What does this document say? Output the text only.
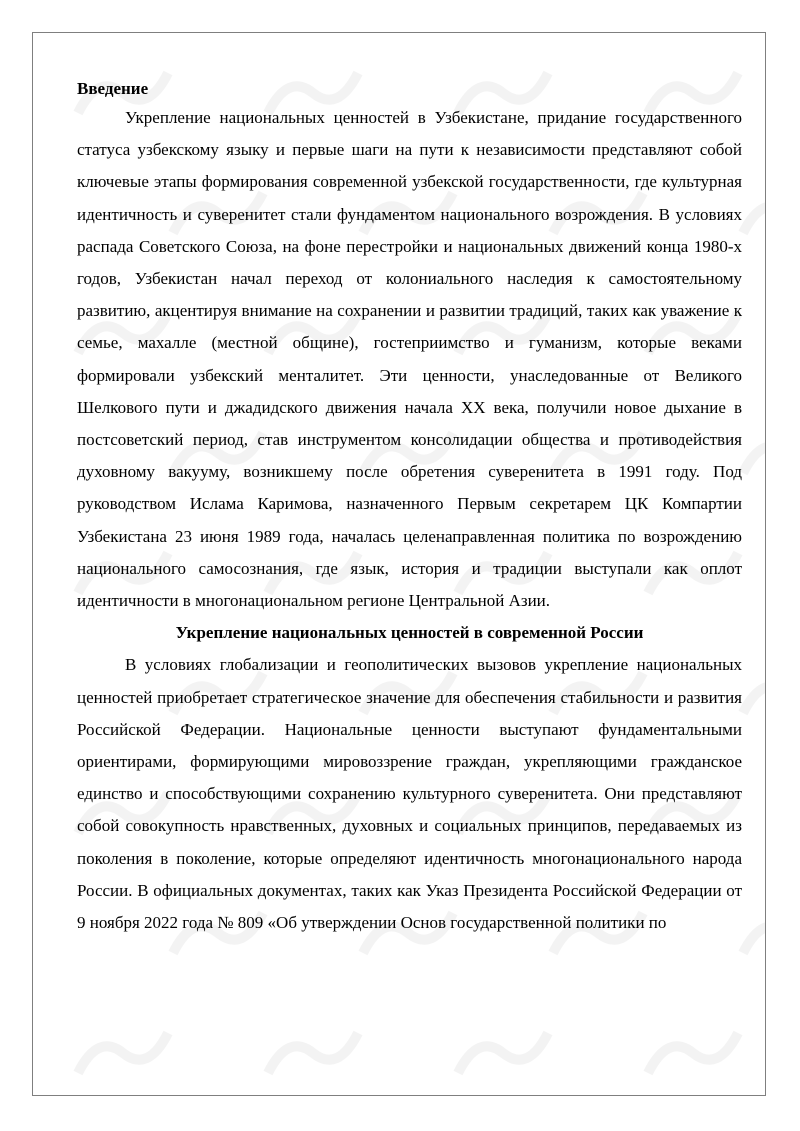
Введение

Укрепление национальных ценностей в Узбекистане, придание государственного статуса узбекскому языку и первые шаги на пути к независимости представляют собой ключевые этапы формирования современной узбекской государственности, где культурная идентичность и суверенитет стали фундаментом национального возрождения. В условиях распада Советского Союза, на фоне перестройки и национальных движений конца 1980-х годов, Узбекистан начал переход от колониального наследия к самостоятельному развитию, акцентируя внимание на сохранении и развитии традиций, таких как уважение к семье, махалле (местной общине), гостеприимство и гуманизм, которые веками формировали узбекский менталитет. Эти ценности, унаследованные от Великого Шелкового пути и джадидского движения начала XX века, получили новое дыхание в постсоветский период, став инструментом консолидации общества и противодействия духовному вакууму, возникшему после обретения суверенитета в 1991 году. Под руководством Ислама Каримова, назначенного Первым секретарем ЦК Компартии Узбекистана 23 июня 1989 года, началась целенаправленная политика по возрождению национального самосознания, где язык, история и традиции выступали как оплот идентичности в многонациональном регионе Центральной Азии.

Укрепление национальных ценностей в современной России

В условиях глобализации и геополитических вызовов укрепление национальных ценностей приобретает стратегическое значение для обеспечения стабильности и развития Российской Федерации. Национальные ценности выступают фундаментальными ориентирами, формирующими мировоззрение граждан, укрепляющими гражданское единство и способствующими сохранению культурного суверенитета. Они представляют собой совокупность нравственных, духовных и социальных принципов, передаваемых из поколения в поколение, которые определяют идентичность многонационального народа России. В официальных документах, таких как Указ Президента Российской Федерации от 9 ноября 2022 года № 809 «Об утверждении Основ государственной политики по
